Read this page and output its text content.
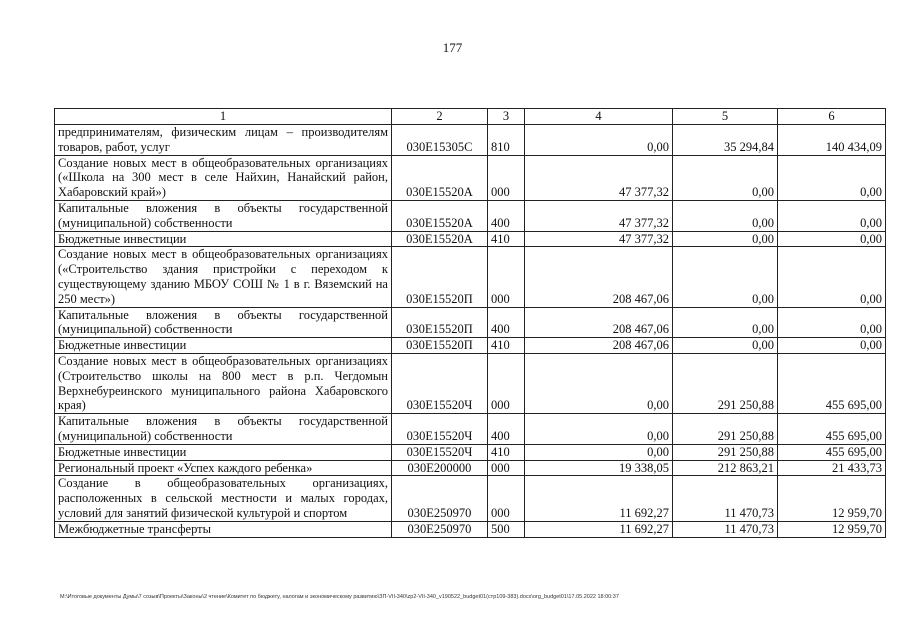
177
1	2	3	4	5	6
предпринимателям, физическим лицам – производителям товаров, работ, услуг	030E15305С	810	0,00	35 294,84	140 434,09
Создание новых мест в общеобразовательных организациях («Школа на 300 мест в селе Найхин, Нанайский район, Хабаровский край»)	030E15520А	000	47 377,32	0,00	0,00
Капитальные вложения в объекты государственной (муниципальной) собственности	030E15520А	400	47 377,32	0,00	0,00
Бюджетные инвестиции	030E15520А	410	47 377,32	0,00	0,00
Создание новых мест в общеобразовательных организациях («Строительство здания пристройки с переходом к существующему зданию МБОУ СОШ № 1 в г. Вяземский на 250 мест»)	030E15520П	000	208 467,06	0,00	0,00
Капитальные вложения в объекты государственной (муниципальной) собственности	030E15520П	400	208 467,06	0,00	0,00
Бюджетные инвестиции	030E15520П	410	208 467,06	0,00	0,00
Создание новых мест в общеобразовательных организациях (Строительство школы на 800 мест в р.п. Чегдомын Верхнебуреинского муниципального района Хабаровского края)	030E15520Ч	000	0,00	291 250,88	455 695,00
Капитальные вложения в объекты государственной (муниципальной) собственности	030E15520Ч	400	0,00	291 250,88	455 695,00
Бюджетные инвестиции	030E15520Ч	410	0,00	291 250,88	455 695,00
Региональный проект «Успех каждого ребенка»	030E200000	000	19 338,05	212 863,21	21 433,73
Создание в общеобразовательных организациях, расположенных в сельской местности и малых городах, условий для занятий физической культурой и спортом	030E250970	000	11 692,27	11 470,73	12 959,70
Межбюджетные трансферты	030E250970	500	11 692,27	11 470,73	12 959,70
M:\Итоговые документы Думы\7 созыв\Проекты\Законы\2 чтение\Комитет по бюджету, налогам и экономическому развитию\ЗП-VII-340\zp2-VII-340_v190522_budget01(стр109-383).docx\org_budget01\17.05.2022 18:00:37
